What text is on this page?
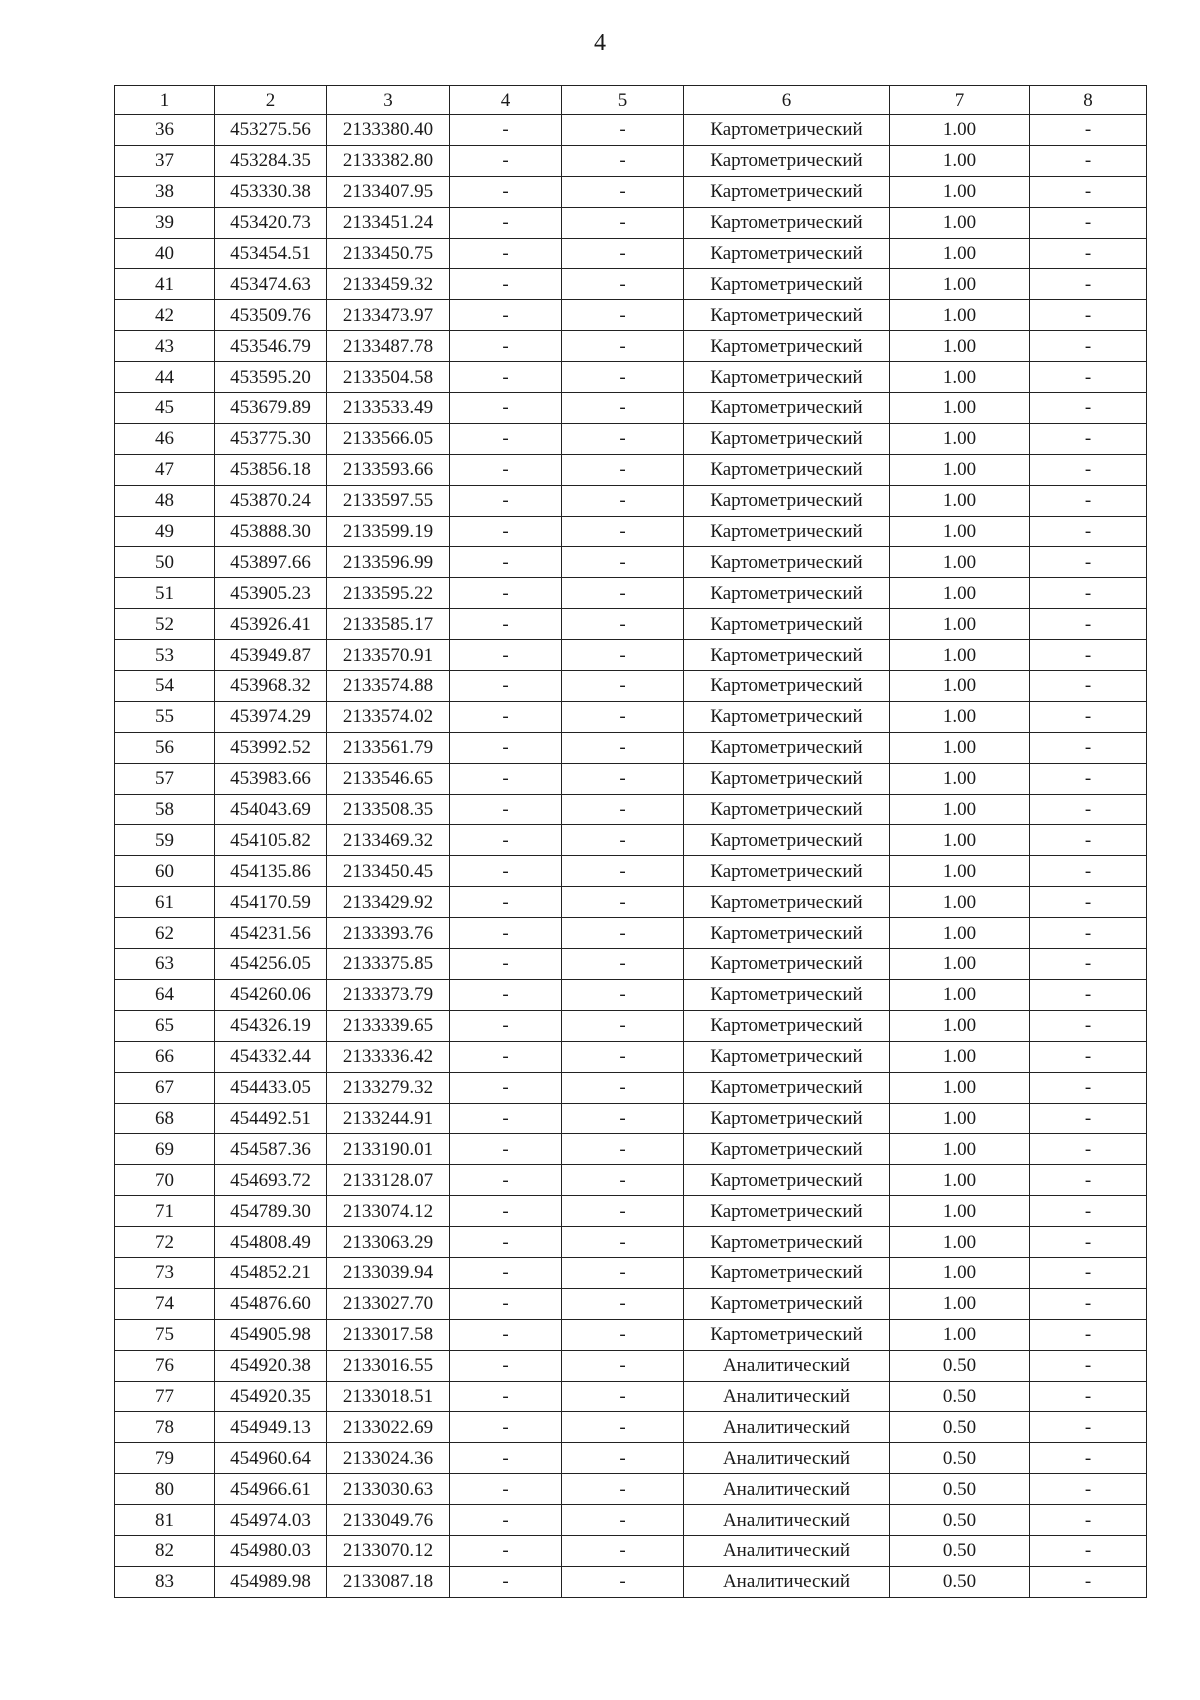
4
1	2	3	4	5	6	7	8
36	453275.56	2133380.40	-	-	Картометрический	1.00	-
37	453284.35	2133382.80	-	-	Картометрический	1.00	-
38	453330.38	2133407.95	-	-	Картометрический	1.00	-
39	453420.73	2133451.24	-	-	Картометрический	1.00	-
40	453454.51	2133450.75	-	-	Картометрический	1.00	-
41	453474.63	2133459.32	-	-	Картометрический	1.00	-
42	453509.76	2133473.97	-	-	Картометрический	1.00	-
43	453546.79	2133487.78	-	-	Картометрический	1.00	-
44	453595.20	2133504.58	-	-	Картометрический	1.00	-
45	453679.89	2133533.49	-	-	Картометрический	1.00	-
46	453775.30	2133566.05	-	-	Картометрический	1.00	-
47	453856.18	2133593.66	-	-	Картометрический	1.00	-
48	453870.24	2133597.55	-	-	Картометрический	1.00	-
49	453888.30	2133599.19	-	-	Картометрический	1.00	-
50	453897.66	2133596.99	-	-	Картометрический	1.00	-
51	453905.23	2133595.22	-	-	Картометрический	1.00	-
52	453926.41	2133585.17	-	-	Картометрический	1.00	-
53	453949.87	2133570.91	-	-	Картометрический	1.00	-
54	453968.32	2133574.88	-	-	Картометрический	1.00	-
55	453974.29	2133574.02	-	-	Картометрический	1.00	-
56	453992.52	2133561.79	-	-	Картометрический	1.00	-
57	453983.66	2133546.65	-	-	Картометрический	1.00	-
58	454043.69	2133508.35	-	-	Картометрический	1.00	-
59	454105.82	2133469.32	-	-	Картометрический	1.00	-
60	454135.86	2133450.45	-	-	Картометрический	1.00	-
61	454170.59	2133429.92	-	-	Картометрический	1.00	-
62	454231.56	2133393.76	-	-	Картометрический	1.00	-
63	454256.05	2133375.85	-	-	Картометрический	1.00	-
64	454260.06	2133373.79	-	-	Картометрический	1.00	-
65	454326.19	2133339.65	-	-	Картометрический	1.00	-
66	454332.44	2133336.42	-	-	Картометрический	1.00	-
67	454433.05	2133279.32	-	-	Картометрический	1.00	-
68	454492.51	2133244.91	-	-	Картометрический	1.00	-
69	454587.36	2133190.01	-	-	Картометрический	1.00	-
70	454693.72	2133128.07	-	-	Картометрический	1.00	-
71	454789.30	2133074.12	-	-	Картометрический	1.00	-
72	454808.49	2133063.29	-	-	Картометрический	1.00	-
73	454852.21	2133039.94	-	-	Картометрический	1.00	-
74	454876.60	2133027.70	-	-	Картометрический	1.00	-
75	454905.98	2133017.58	-	-	Картометрический	1.00	-
76	454920.38	2133016.55	-	-	Аналитический	0.50	-
77	454920.35	2133018.51	-	-	Аналитический	0.50	-
78	454949.13	2133022.69	-	-	Аналитический	0.50	-
79	454960.64	2133024.36	-	-	Аналитический	0.50	-
80	454966.61	2133030.63	-	-	Аналитический	0.50	-
81	454974.03	2133049.76	-	-	Аналитический	0.50	-
82	454980.03	2133070.12	-	-	Аналитический	0.50	-
83	454989.98	2133087.18	-	-	Аналитический	0.50	-
